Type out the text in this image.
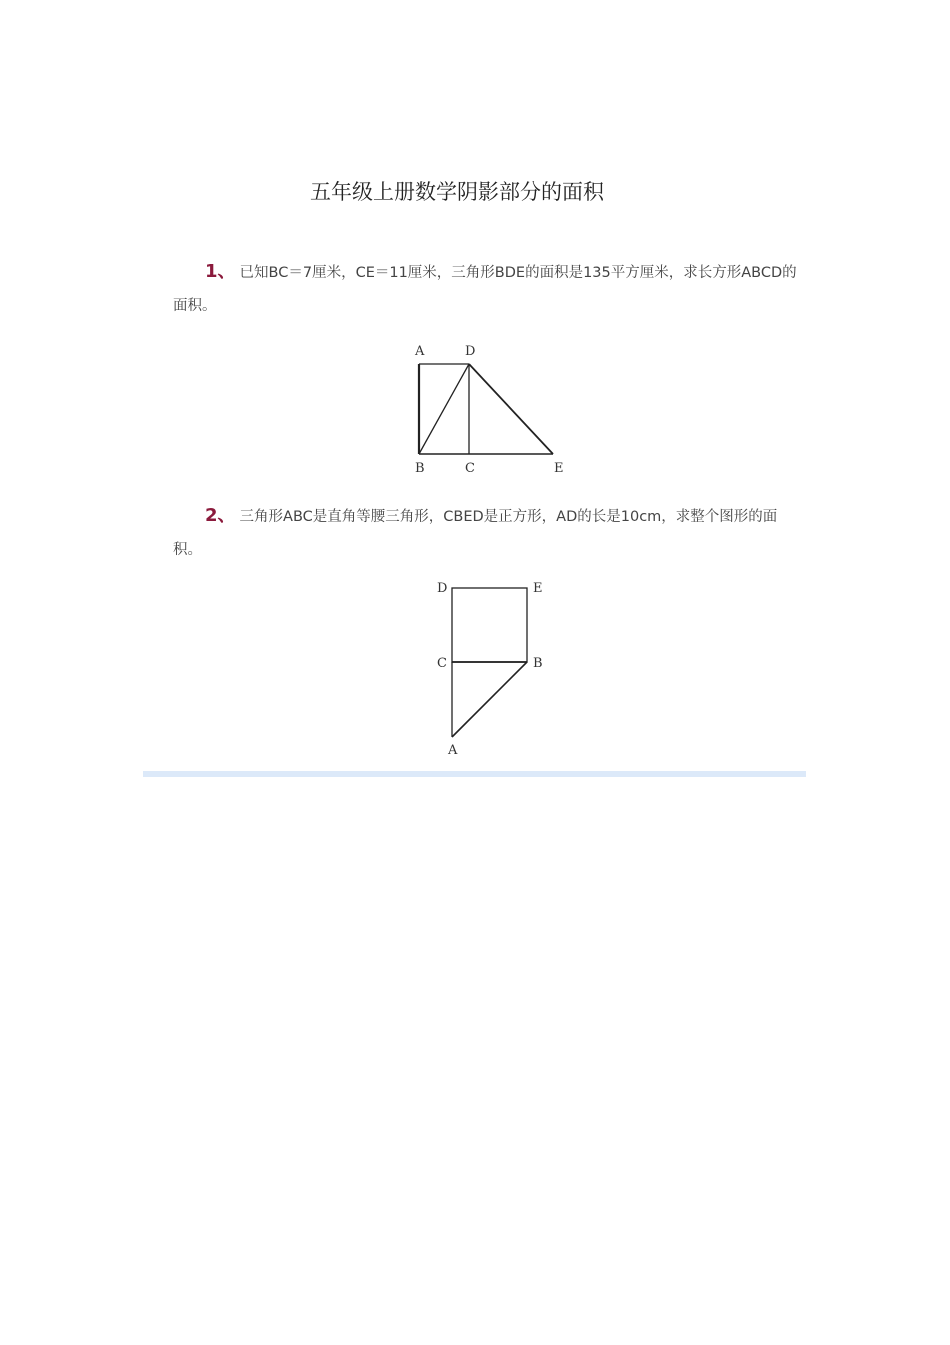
五年级上册数学阴影部分的面积
1、 已知BC＝7厘米，CE＝11厘米，三角形BDE的面积是135平方厘米，求长方形ABCD的面积。
A	D
B	C	E
2、 三角形ABC是直角等腰三角形，CBED是正方形，AD的长是10cm，求整个图形的面积。
D	E
C	B
A
